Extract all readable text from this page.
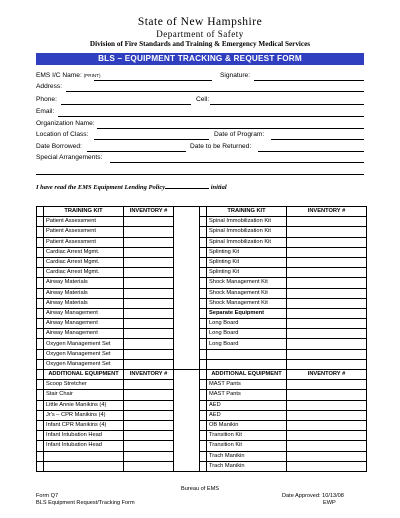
State of New Hampshire
Department of Safety
Division of Fire Standards and Training & Emergency Medical Services
BLS – EQUIPMENT TRACKING & REQUEST FORM
EMS I/C Name: (PRINT)	Signature:
Address:
Phone:	Cell:
Email:
Organization Name:
Location of Class:	Date of Program:
Date Borrowed:	Date to be Returned:
Special Arrangements:
I have read the EMS Equipment Lending Policy	initial
	TRAINING KIT	INVENTORY #			TRAINING KIT	INVENTORY #
	Patient Assessment				Spinal Immobilization Kit	
	Patient Assessment				Spinal Immobilization Kit	
	Patient Assessment				Spinal Immobilization Kit	
	Cardiac Arrest Mgmt.				Splinting Kit	
	Cardiac Arrest Mgmt.				Splinting Kit	
	Cardiac Arrest Mgmt.				Splinting Kit	
	Airway Materials				Shock Management Kit	
	Airway Materials				Shock Management Kit	
	Airway Materials				Shock Management Kit	
	Airway Management				Separate Equipment	
	Airway Management				Long Board	
	Airway Management				Long Board	
	Oxygen Management Set				Long Board	
	Oxygen Management Set					
	Oxygen Management Set					
	ADDITIONAL EQUIPMENT	INVENTORY #			ADDITIONAL EQUIPMENT	INVENTORY #
	Scoop Stretcher				MAST Pants	
	Stair Chair				MAST Pants	
	Little Annie Manikins (4)				AED	
	Jr's – CPR Manikins (4)				AED	
	Infant CPR Manikins (4)				OB Manikin	
	Infant Intubation Head				Transition Kit	
	Infant Intubation Head				Transition Kit	
					Trach Manikin	
					Trach Manikin	
Bureau of EMS
Form Q7
BLS Equipment Request/Tracking Form
Date Approved: 10/13/08
EWP
